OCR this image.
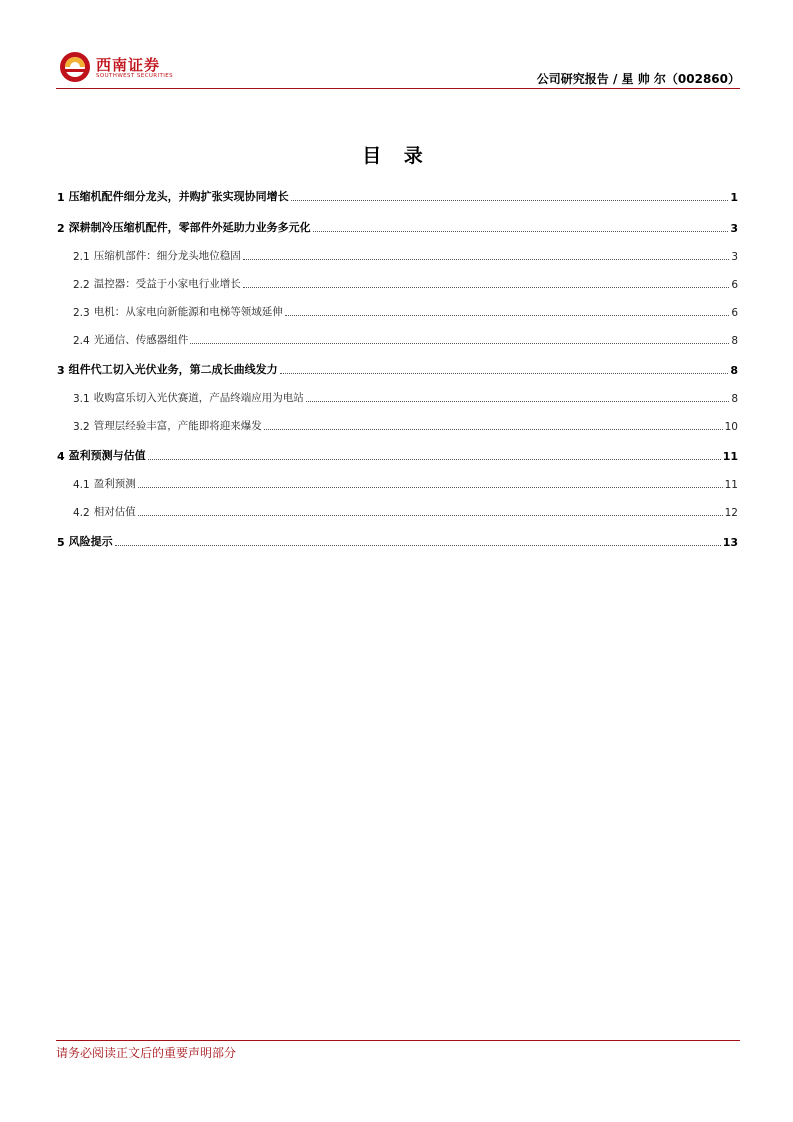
西南证券
SOUTHWEST SECURITIES	公司研究报告 / 星 帅 尔（002860）
目 录
1 压缩机配件细分龙头，并购扩张实现协同增长	1
2 深耕制冷压缩机配件，零部件外延助力业务多元化	3
2.1 压缩机部件：细分龙头地位稳固	3
2.2 温控器：受益于小家电行业增长	6
2.3 电机：从家电向新能源和电梯等领域延伸	6
2.4 光通信、传感器组件	8
3 组件代工切入光伏业务，第二成长曲线发力	8
3.1 收购富乐切入光伏赛道，产品终端应用为电站	8
3.2 管理层经验丰富，产能即将迎来爆发	10
4 盈利预测与估值	11
4.1 盈利预测	11
4.2 相对估值	12
5 风险提示	13
请务必阅读正文后的重要声明部分
